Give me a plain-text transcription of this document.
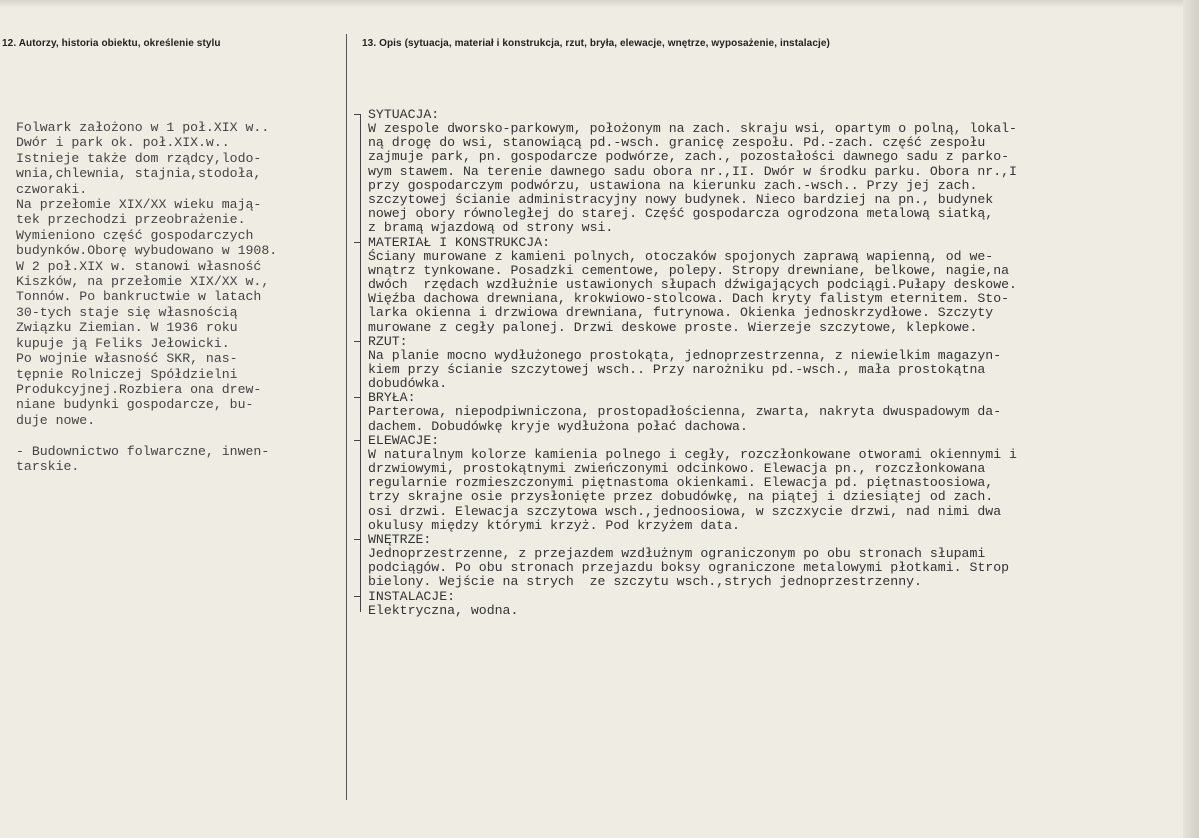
12. Autorzy, historia obiektu, określenie stylu	13. Opis (sytuacja, materiał i konstrukcja, rzut, bryła, elewacje, wnętrze, wyposażenie, instalacje)
Folwark założono w 1 poł.XIX w..
Dwór i park ok. poł.XIX.w..
Istnieje także dom rządcy,lodo-
wnia,chlewnia, stajnia,stodoła,
czworaki.
Na przełomie XIX/XX wieku mają-
tek przechodzi przeobrażenie.
Wymieniono część gospodarczych
budynków.Oborę wybudowano w 1908.
W 2 poł.XIX w. stanowi własność
Kiszków, na przełomie XIX/XX w.,
Tonnów. Po bankructwie w latach
30-tych staje się własnością
Związku Ziemian. W 1936 roku
kupuje ją Feliks Jełowicki.
Po wojnie własność SKR, nas-
tępnie Rolniczej Spółdzielni
Produkcyjnej.Rozbiera ona drew-
niane budynki gospodarcze, bu-
duje nowe.

- Budownictwo folwarczne, inwen-
tarskie.
SYTUACJA:
W zespole dworsko-parkowym, położonym na zach. skraju wsi, opartym o polną, lokal-
ną drogę do wsi, stanowiącą pd.-wsch. granicę zespołu. Pd.-zach. część zespołu
zajmuje park, pn. gospodarcze podwórze, zach., pozostałości dawnego sadu z parko-
wym stawem. Na terenie dawnego sadu obora nr.,II. Dwór w środku parku. Obora nr.,I
przy gospodarczym podwórzu, ustawiona na kierunku zach.-wsch.. Przy jej zach.
szczytowej ścianie administracyjny nowy budynek. Nieco bardziej na pn., budynek
nowej obory równoległej do starej. Część gospodarcza ogrodzona metalową siatką,
z bramą wjazdową od strony wsi.
MATERIAŁ I KONSTRUKCJA:
Ściany murowane z kamieni polnych, otoczaków spojonych zaprawą wapienną, od we-
wnątrz tynkowane. Posadzki cementowe, polepy. Stropy drewniane, belkowe, nagie,na
dwóch  rzędach wzdłużnie ustawionych słupach dźwigających podciągi.Pułapy deskowe.
Więźba dachowa drewniana, krokwiowo-stolcowa. Dach kryty falistym eternitem. Sto-
larka okienna i drzwiowa drewniana, futrynowa. Okienka jednoskrzydłowe. Szczyty
murowane z cegły palonej. Drzwi deskowe proste. Wierzeje szczytowe, klepkowe.
RZUT:
Na planie mocno wydłużonego prostokąta, jednoprzestrzenna, z niewielkim magazyn-
kiem przy ścianie szczytowej wsch.. Przy narożniku pd.-wsch., mała prostokątna
dobudówka.
BRYŁA:
Parterowa, niepodpiwniczona, prostopadłościenna, zwarta, nakryta dwuspadowym da-
dachem. Dobudówkę kryje wydłużona połać dachowa.
ELEWACJE:
W naturalnym kolorze kamienia polnego i cegły, rozczłonkowane otworami okiennymi i
drzwiowymi, prostokątnymi zwieńczonymi odcinkowo. Elewacja pn., rozczłonkowana
regularnie rozmieszczonymi piętnastoma okienkami. Elewacja pd. piętnastoosiowa,
trzy skrajne osie przysłonięte przez dobudówkę, na piątej i dziesiątej od zach.
osi drzwi. Elewacja szczytowa wsch.,jednoosiowa, w szczxycie drzwi, nad nimi dwa
okulusy między którymi krzyż. Pod krzyżem data.
WNĘTRZE:
Jednoprzestrzenne, z przejazdem wzdłużnym ograniczonym po obu stronach słupami
podciągów. Po obu stronach przejazdu boksy ograniczone metalowymi płotkami. Strop
bielony. Wejście na strych  ze szczytu wsch.,strych jednoprzestrzenny.
INSTALACJE:
Elektryczna, wodna.
